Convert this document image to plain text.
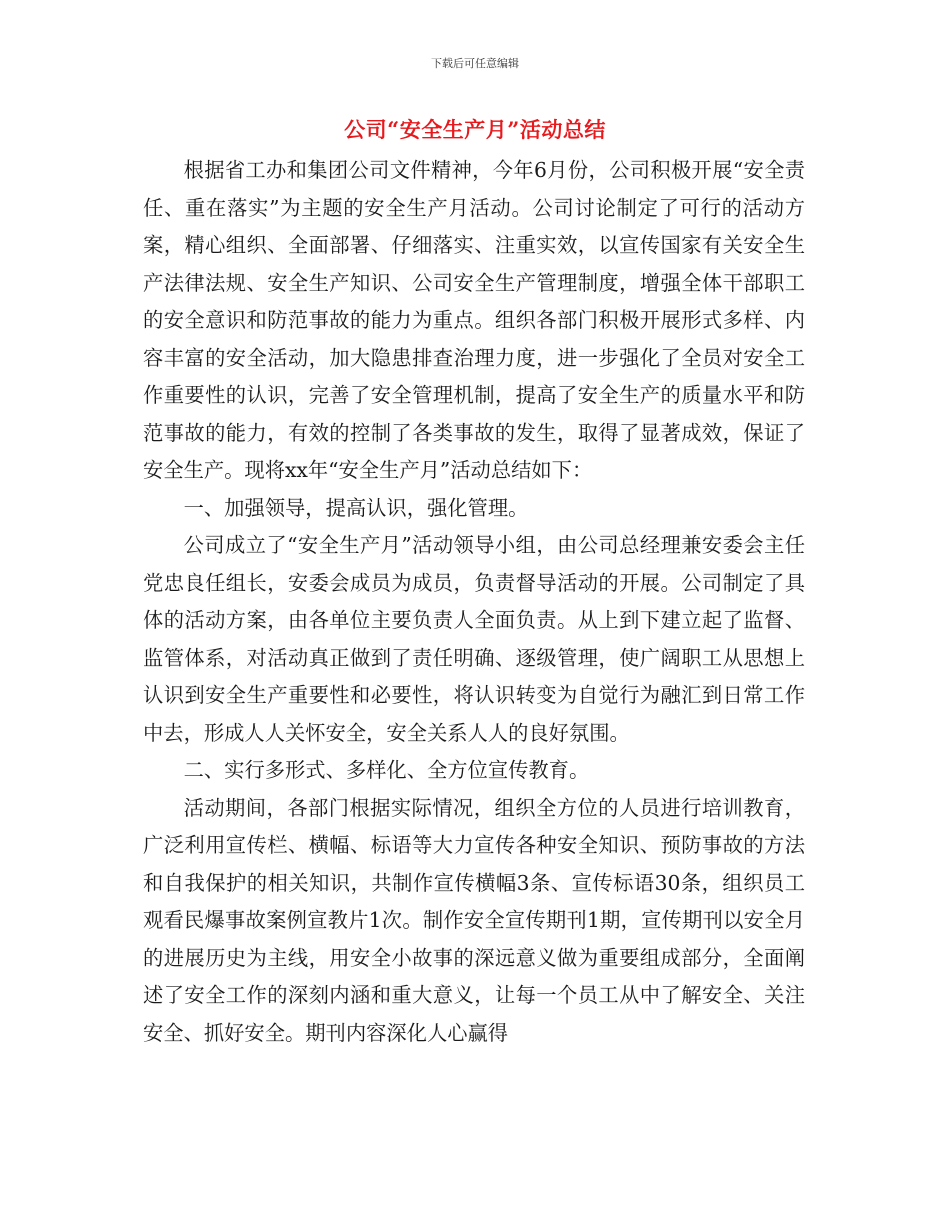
下载后可任意编辑
公司“安全生产月”活动总结

根据省工办和集团公司文件精神，今年6月份，公司积极开展“安全责任、重在落实”为主题的安全生产月活动。公司讨论制定了可行的活动方案，精心组织、全面部署、仔细落实、注重实效，以宣传国家有关安全生产法律法规、安全生产知识、公司安全生产管理制度，增强全体干部职工的安全意识和防范事故的能力为重点。组织各部门积极开展形式多样、内容丰富的安全活动，加大隐患排查治理力度，进一步强化了全员对安全工作重要性的认识，完善了安全管理机制，提高了安全生产的质量水平和防范事故的能力，有效的控制了各类事故的发生，取得了显著成效，保证了安全生产。现将xx年“安全生产月”活动总结如下：

一、加强领导，提高认识，强化管理。

公司成立了“安全生产月”活动领导小组，由公司总经理兼安委会主任党忠良任组长，安委会成员为成员，负责督导活动的开展。公司制定了具体的活动方案，由各单位主要负责人全面负责。从上到下建立起了监督、监管体系，对活动真正做到了责任明确、逐级管理，使广阔职工从思想上认识到安全生产重要性和必要性，将认识转变为自觉行为融汇到日常工作中去，形成人人关怀安全，安全关系人人的良好氛围。

二、实行多形式、多样化、全方位宣传教育。

活动期间，各部门根据实际情况，组织全方位的人员进行培训教育，广泛利用宣传栏、横幅、标语等大力宣传各种安全知识、预防事故的方法和自我保护的相关知识，共制作宣传横幅3条、宣传标语30条，组织员工观看民爆事故案例宣教片1次。制作安全宣传期刊1期，宣传期刊以安全月的进展历史为主线，用安全小故事的深远意义做为重要组成部分，全面阐述了安全工作的深刻内涵和重大意义，让每一个员工从中了解安全、关注安全、抓好安全。期刊内容深化人心赢得
